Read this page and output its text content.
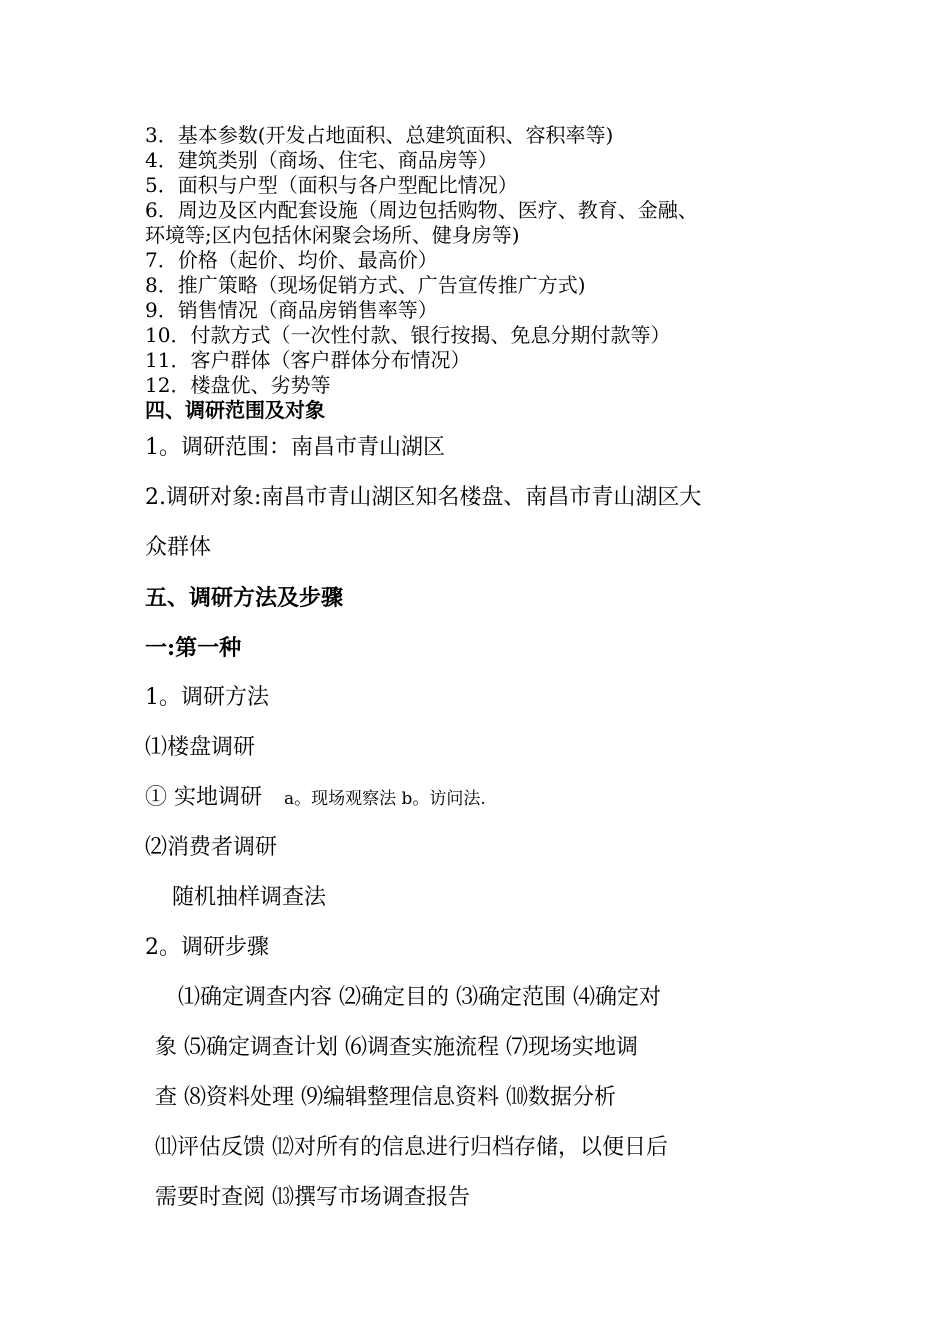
3．基本参数(开发占地面积、总建筑面积、容积率等)
4．建筑类别（商场、住宅、商品房等）
5．面积与户型（面积与各户型配比情况）
6．周边及区内配套设施（周边包括购物、医疗、教育、金融、
环境等;区内包括休闲聚会场所、健身房等)
7．价格（起价、均价、最高价）
8．推广策略（现场促销方式、广告宣传推广方式)
9．销售情况（商品房销售率等）
10．付款方式（一次性付款、银行按揭、免息分期付款等）
11．客户群体（客户群体分布情况）
12．楼盘优、劣势等
四、调研范围及对象
1。调研范围：南昌市青山湖区
2.调研对象:南昌市青山湖区知名楼盘、南昌市青山湖区大
众群体
五、调研方法及步骤
一:第一种
1。调研方法
⑴楼盘调研
① 实地调研 a。现场观察法 b。访问法.
⑵消费者调研
随机抽样调查法
2。调研步骤
⑴确定调查内容 ⑵确定目的 ⑶确定范围 ⑷确定对
象 ⑸确定调查计划 ⑹调查实施流程 ⑺现场实地调
查 ⑻资料处理 ⑼编辑整理信息资料 ⑽数据分析
⑾评估反馈 ⑿对所有的信息进行归档存储，以便日后
需要时查阅 ⒀撰写市场调查报告
